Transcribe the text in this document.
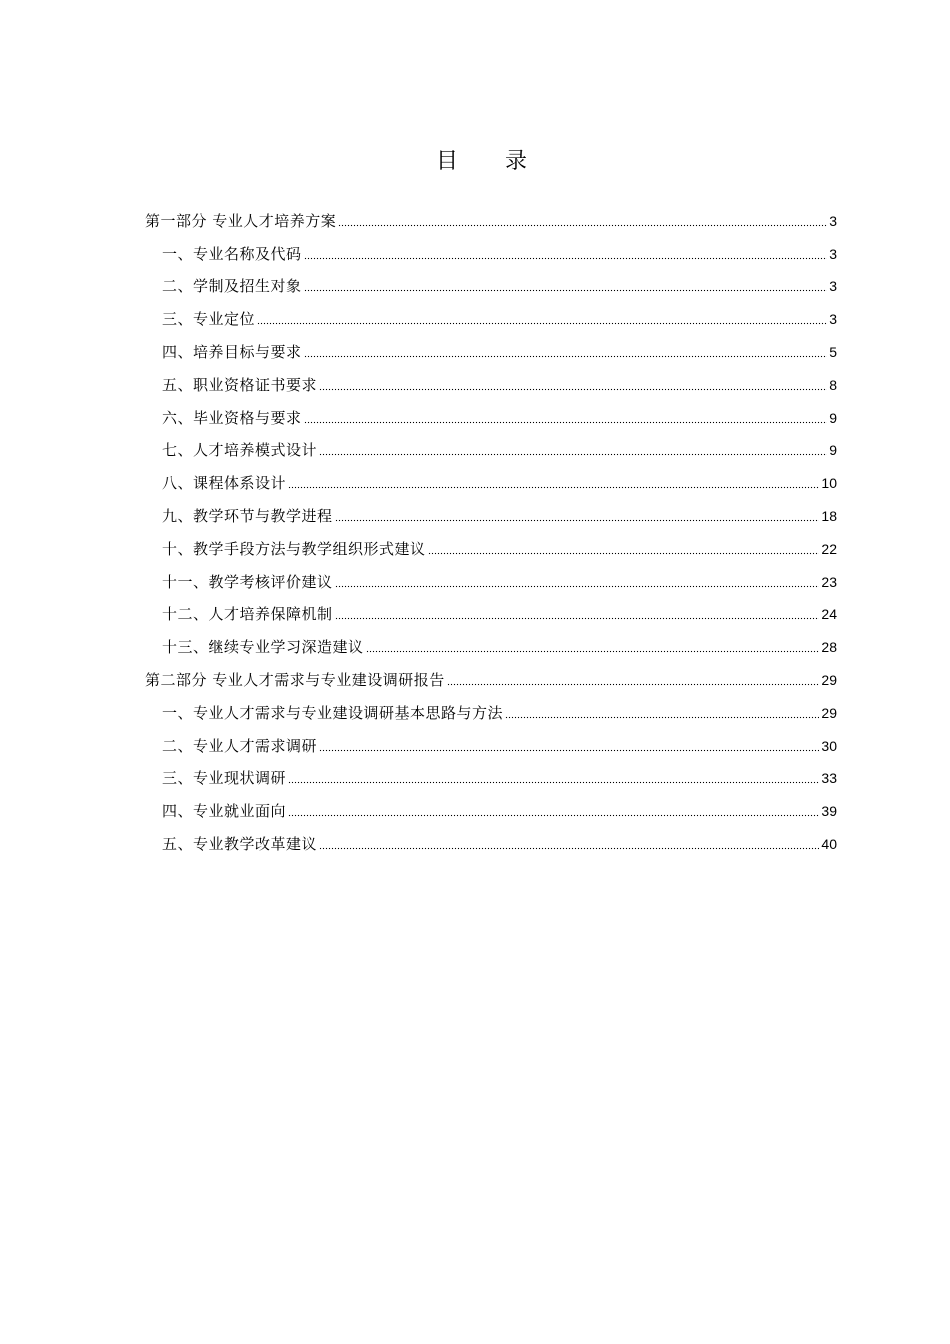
目 录
第一部分 专业人才培养方案	3
一、专业名称及代码	3
二、学制及招生对象	3
三、专业定位	3
四、培养目标与要求	5
五、职业资格证书要求	8
六、毕业资格与要求	9
七、人才培养模式设计	9
八、课程体系设计	10
九、教学环节与教学进程	18
十、教学手段方法与教学组织形式建议	22
十一、教学考核评价建议	23
十二、人才培养保障机制	24
十三、继续专业学习深造建议	28
第二部分 专业人才需求与专业建设调研报告	29
一、专业人才需求与专业建设调研基本思路与方法	29
二、专业人才需求调研	30
三、专业现状调研	33
四、专业就业面向	39
五、专业教学改革建议	40
